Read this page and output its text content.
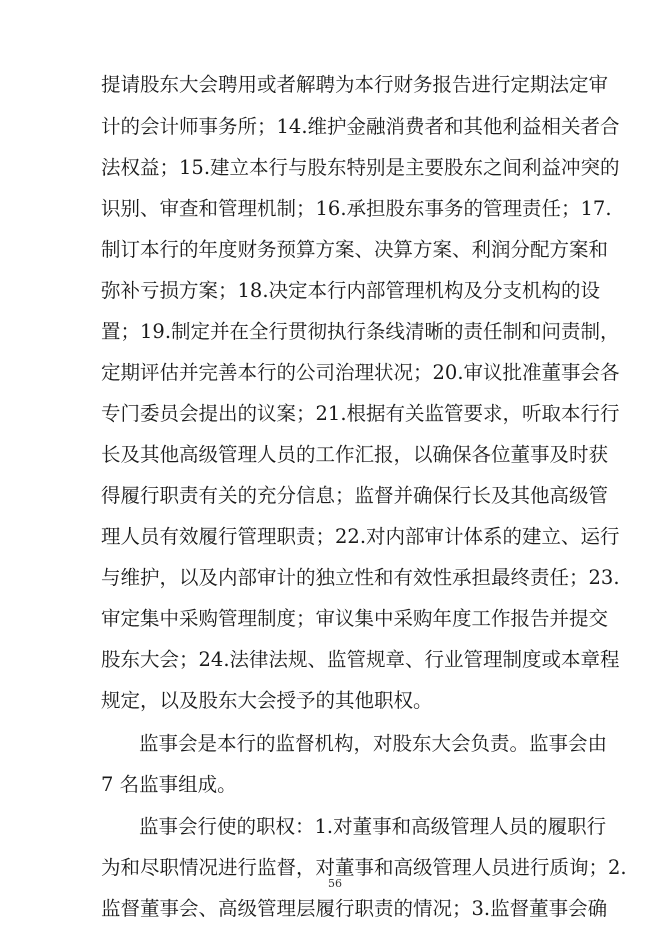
提请股东大会聘用或者解聘为本行财务报告进行定期法定审
计的会计师事务所；14.维护金融消费者和其他利益相关者合
法权益；15.建立本行与股东特别是主要股东之间利益冲突的
识别、审查和管理机制；16.承担股东事务的管理责任；17.
制订本行的年度财务预算方案、决算方案、利润分配方案和
弥补亏损方案；18.决定本行内部管理机构及分支机构的设
置；19.制定并在全行贯彻执行条线清晰的责任制和问责制，
定期评估并完善本行的公司治理状况；20.审议批准董事会各
专门委员会提出的议案；21.根据有关监管要求，听取本行行
长及其他高级管理人员的工作汇报，以确保各位董事及时获
得履行职责有关的充分信息；监督并确保行长及其他高级管
理人员有效履行管理职责；22.对内部审计体系的建立、运行
与维护，以及内部审计的独立性和有效性承担最终责任；23.
审定集中采购管理制度；审议集中采购年度工作报告并提交
股东大会；24.法律法规、监管规章、行业管理制度或本章程
规定，以及股东大会授予的其他职权。
监事会是本行的监督机构，对股东大会负责。监事会由
7 名监事组成。
监事会行使的职权：1.对董事和高级管理人员的履职行
为和尽职情况进行监督，对董事和高级管理人员进行质询；2.
监督董事会、高级管理层履行职责的情况；3.监督董事会确
56
